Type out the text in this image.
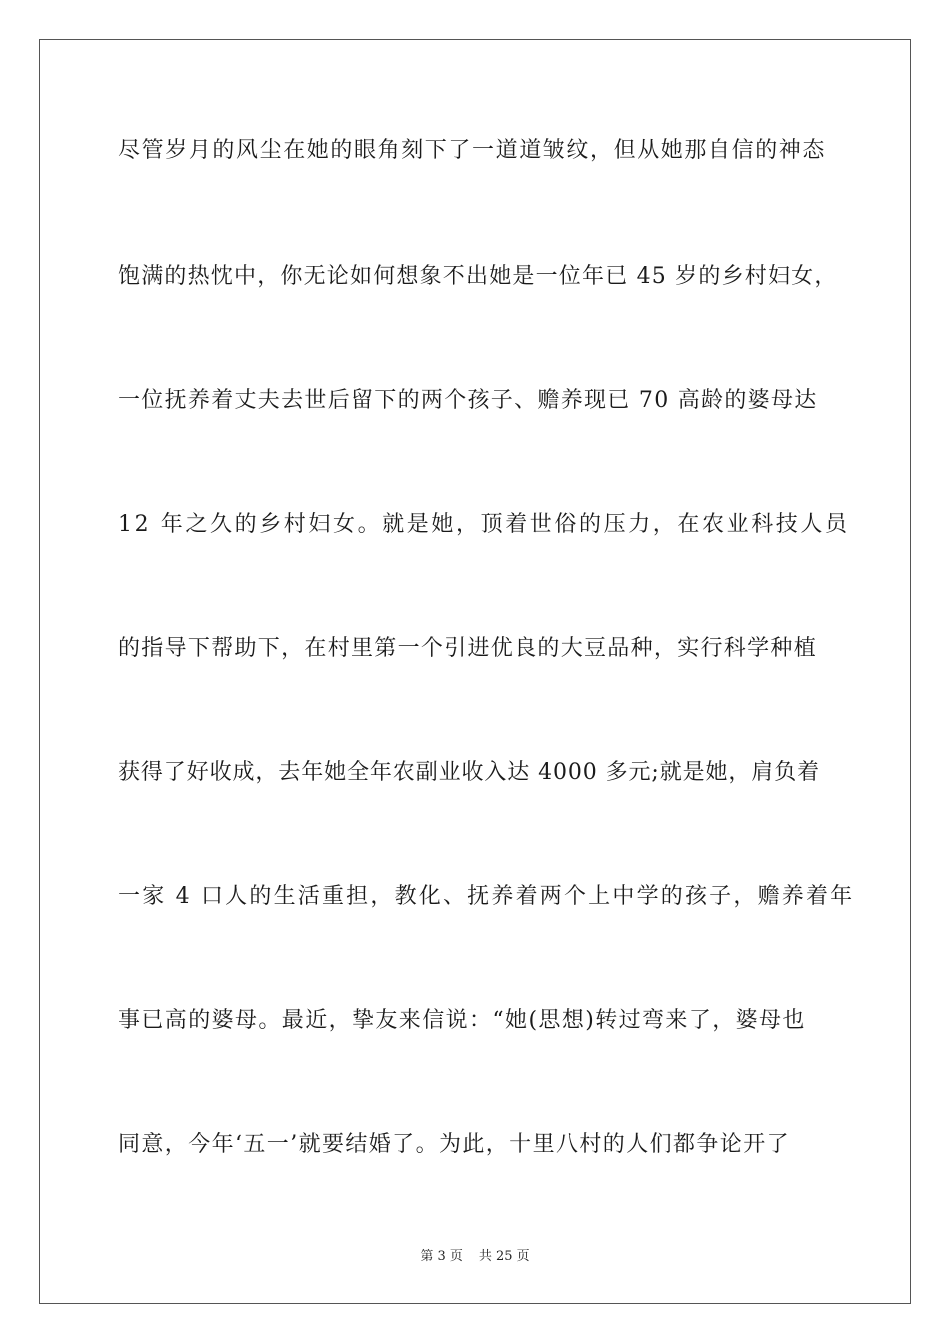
尽管岁月的风尘在她的眼角刻下了一道道皱纹，但从她那自信的神态
饱满的热忱中，你无论如何想象不出她是一位年已 45 岁的乡村妇女，
一位抚养着丈夫去世后留下的两个孩子、赡养现已 70 高龄的婆母达
12 年之久的乡村妇女。就是她，顶着世俗的压力，在农业科技人员
的指导下帮助下，在村里第一个引进优良的大豆品种，实行科学种植
获得了好收成，去年她全年农副业收入达 4000 多元;就是她，肩负着
一家 4 口人的生活重担，教化、抚养着两个上中学的孩子，赡养着年
事已高的婆母。最近，挚友来信说：“她(思想)转过弯来了，婆母也
同意，今年‘五一’就要结婚了。为此，十里八村的人们都争论开了
第 3 页 共 25 页
